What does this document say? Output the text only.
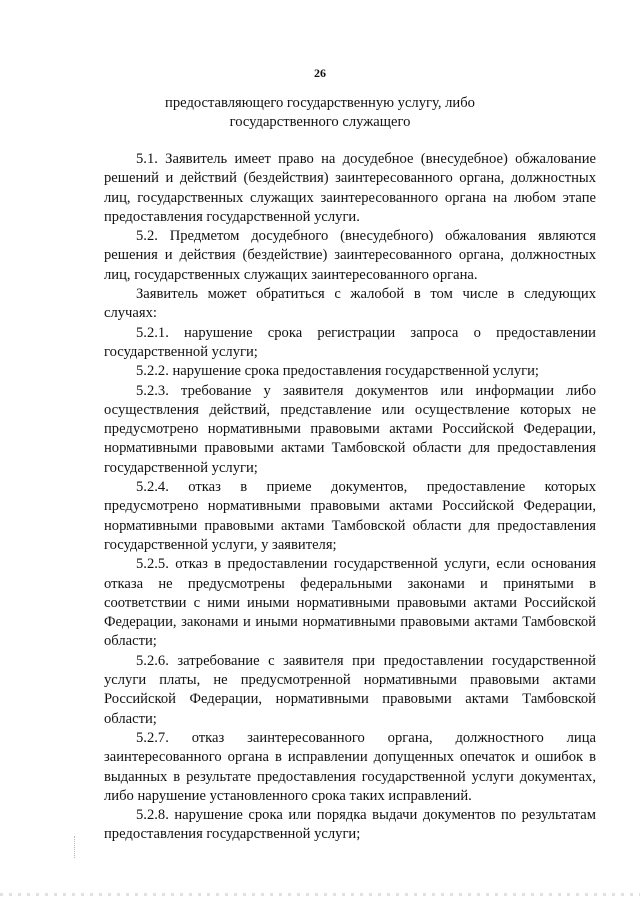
26
предоставляющего государственную услугу, либо государственного служащего

5.1. Заявитель имеет право на досудебное (внесудебное) обжалование решений и действий (бездействия) заинтересованного органа, должностных лиц, государственных служащих заинтересованного органа на любом этапе предоставления государственной услуги.

5.2. Предметом досудебного (внесудебного) обжалования являются решения и действия (бездействие) заинтересованного органа, должностных лиц, государственных служащих заинтересованного органа.

Заявитель может обратиться с жалобой в том числе в следующих случаях:

5.2.1. нарушение срока регистрации запроса о предоставлении государственной услуги;

5.2.2. нарушение срока предоставления государственной услуги;

5.2.3. требование у заявителя документов или информации либо осуществления действий, представление или осуществление которых не предусмотрено нормативными правовыми актами Российской Федерации, нормативными правовыми актами Тамбовской области для предоставления государственной услуги;

5.2.4. отказ в приеме документов, предоставление которых предусмотрено нормативными правовыми актами Российской Федерации, нормативными правовыми актами Тамбовской области для предоставления государственной услуги, у заявителя;

5.2.5. отказ в предоставлении государственной услуги, если основания отказа не предусмотрены федеральными законами и принятыми в соответствии с ними иными нормативными правовыми актами Российской Федерации, законами и иными нормативными правовыми актами Тамбовской области;

5.2.6. затребование с заявителя при предоставлении государственной услуги платы, не предусмотренной нормативными правовыми актами Российской Федерации, нормативными правовыми актами Тамбовской области;

5.2.7. отказ заинтересованного органа, должностного лица заинтересованного органа в исправлении допущенных опечаток и ошибок в выданных в результате предоставления государственной услуги документах, либо нарушение установленного срока таких исправлений.

5.2.8. нарушение срока или порядка выдачи документов по результатам предоставления государственной услуги;
